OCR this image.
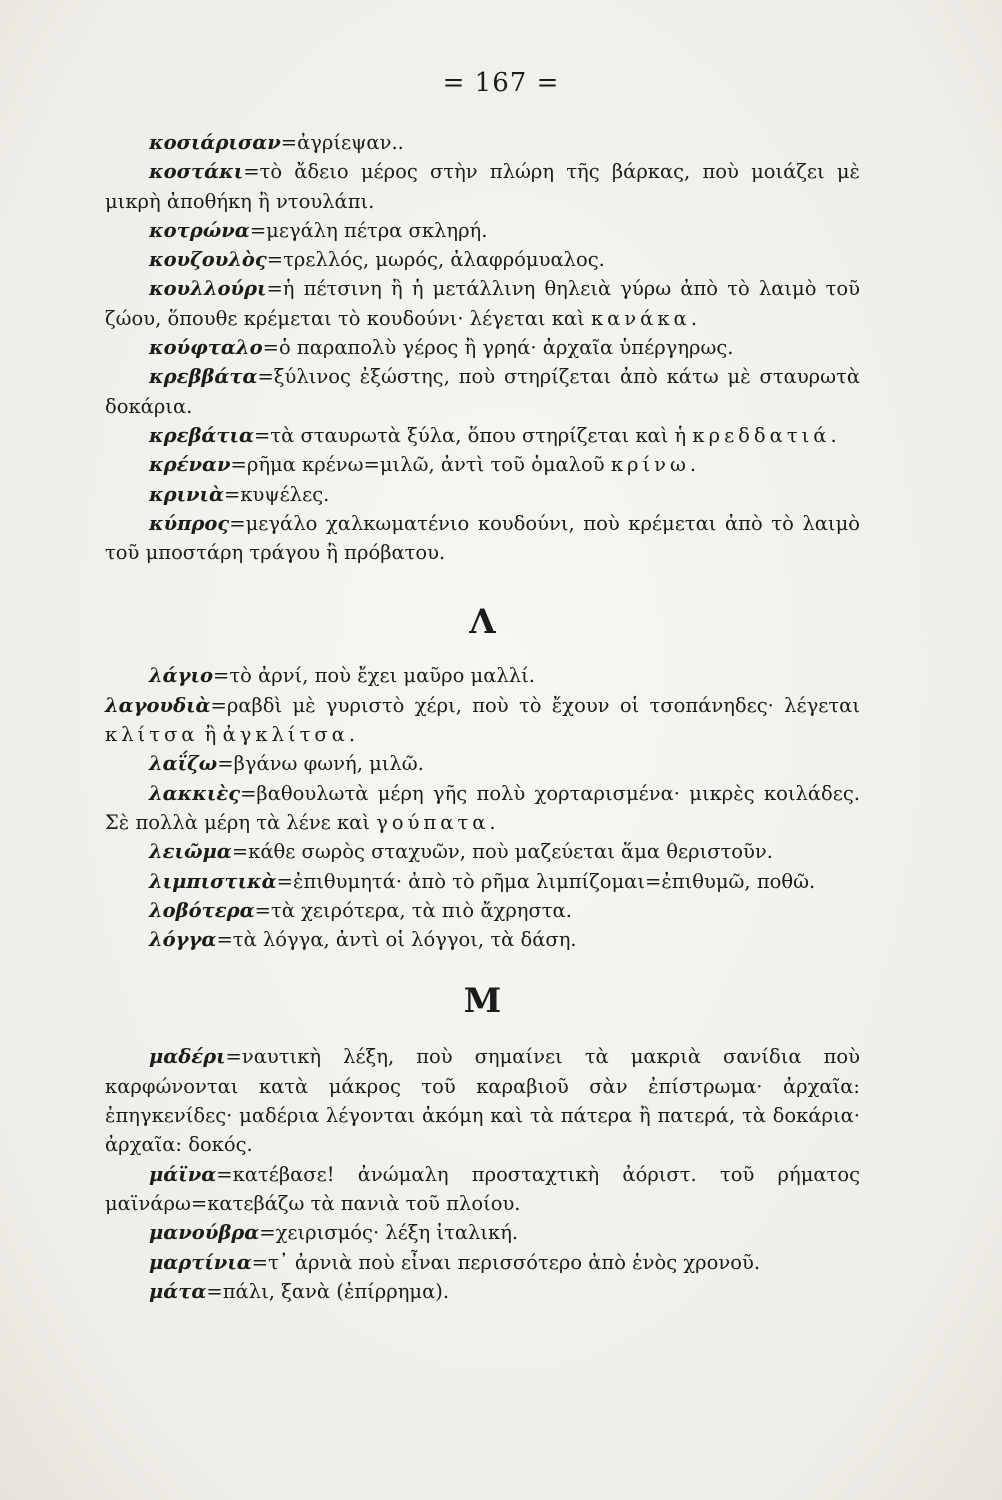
= 167 =

κοσιάρισαν=ἀγρίεψαν..

κοστάκι=τὸ ἄδειο μέρος στὴν πλώρη τῆς βάρκας, ποὺ μοιάζει μὲ μικρὴ ἀποθήκη ἢ ντουλάπι.

κοτρώνα=μεγάλη πέτρα σκληρή.

κουζουλὸς=τρελλός, μωρός, ἀλαφρόμυαλος.

κουλλούρι=ἡ πέτσινη ἢ ἡ μετάλλινη θηλειὰ γύρω ἀπὸ τὸ λαιμὸ τοῦ ζώου, ὅπουθε κρέμεται τὸ κουδούνι· λέγεται καὶ κανάκα.

κούφταλο=ὁ παραπολὺ γέρος ἢ γρηά· ἀρχαῖα ὑπέργηρως.

κρεββάτα=ξύλινος ἐξώστης, ποὺ στηρίζεται ἀπὸ κάτω μὲ σταυρωτὰ δοκάρια.

κρεβάτια=τὰ σταυρωτὰ ξύλα, ὅπου στηρίζεται καὶ ἡ κρεδδατιά.

κρέναν=ρῆμα κρένω=μιλῶ, ἀντὶ τοῦ ὁμαλοῦ κρίνω.

κρινιὰ=κυψέλες.

κύπρος=μεγάλο χαλκωματένιο κουδούνι, ποὺ κρέμεται ἀπὸ τὸ λαιμὸ τοῦ μποστάρη τράγου ἢ πρόβατου.

Λ

λάγιο=τὸ ἀρνί, ποὺ ἔχει μαῦρο μαλλί.

λαγουδιὰ=ραβδὶ μὲ γυριστὸ χέρι, ποὺ τὸ ἔχουν οἱ τσοπάνηδες· λέγεται κλίτσα ἢ ἀγκλίτσα.

λαΐζω=βγάνω φωνή, μιλῶ.

λακκιὲς=βαθουλωτὰ μέρη γῆς πολὺ χορταρισμένα· μικρὲς κοιλάδες. Σὲ πολλὰ μέρη τὰ λένε καὶ γούπατα.

λειῶμα=κάθε σωρὸς σταχυῶν, ποὺ μαζεύεται ἅμα θεριστοῦν.

λιμπιστικὰ=ἐπιθυμητά· ἀπὸ τὸ ρῆμα λιμπίζομαι=ἐπιθυμῶ, ποθῶ.

λοβότερα=τὰ χειρότερα, τὰ πιὸ ἄχρηστα.

λόγγα=τὰ λόγγα, ἀντὶ οἱ λόγγοι, τὰ δάση.

Μ

μαδέρι=ναυτικὴ λέξη, ποὺ σημαίνει τὰ μακριὰ σανίδια ποὺ καρφώνονται κατὰ μάκρος τοῦ καραβιοῦ σὰν ἐπίστρωμα· ἀρχαῖα: ἐπηγκενίδες· μαδέρια λέγονται ἀκόμη καὶ τὰ πάτερα ἢ πατερά, τὰ δοκάρια· ἀρχαῖα: δοκός.

μάϊνα=κατέβασε! ἀνώμαλη προσταχτικὴ ἀόριστ. τοῦ ρήματος μαϊνάρω=κατεβάζω τὰ πανιὰ τοῦ πλοίου.

μανούβρα=χειρισμός· λέξη ἰταλική.

μαρτίνια=τ᾽ ἀρνιὰ ποὺ εἶναι περισσότερο ἀπὸ ἑνὸς χρονοῦ.

μάτα=πάλι, ξανὰ (ἐπίρρημα).
